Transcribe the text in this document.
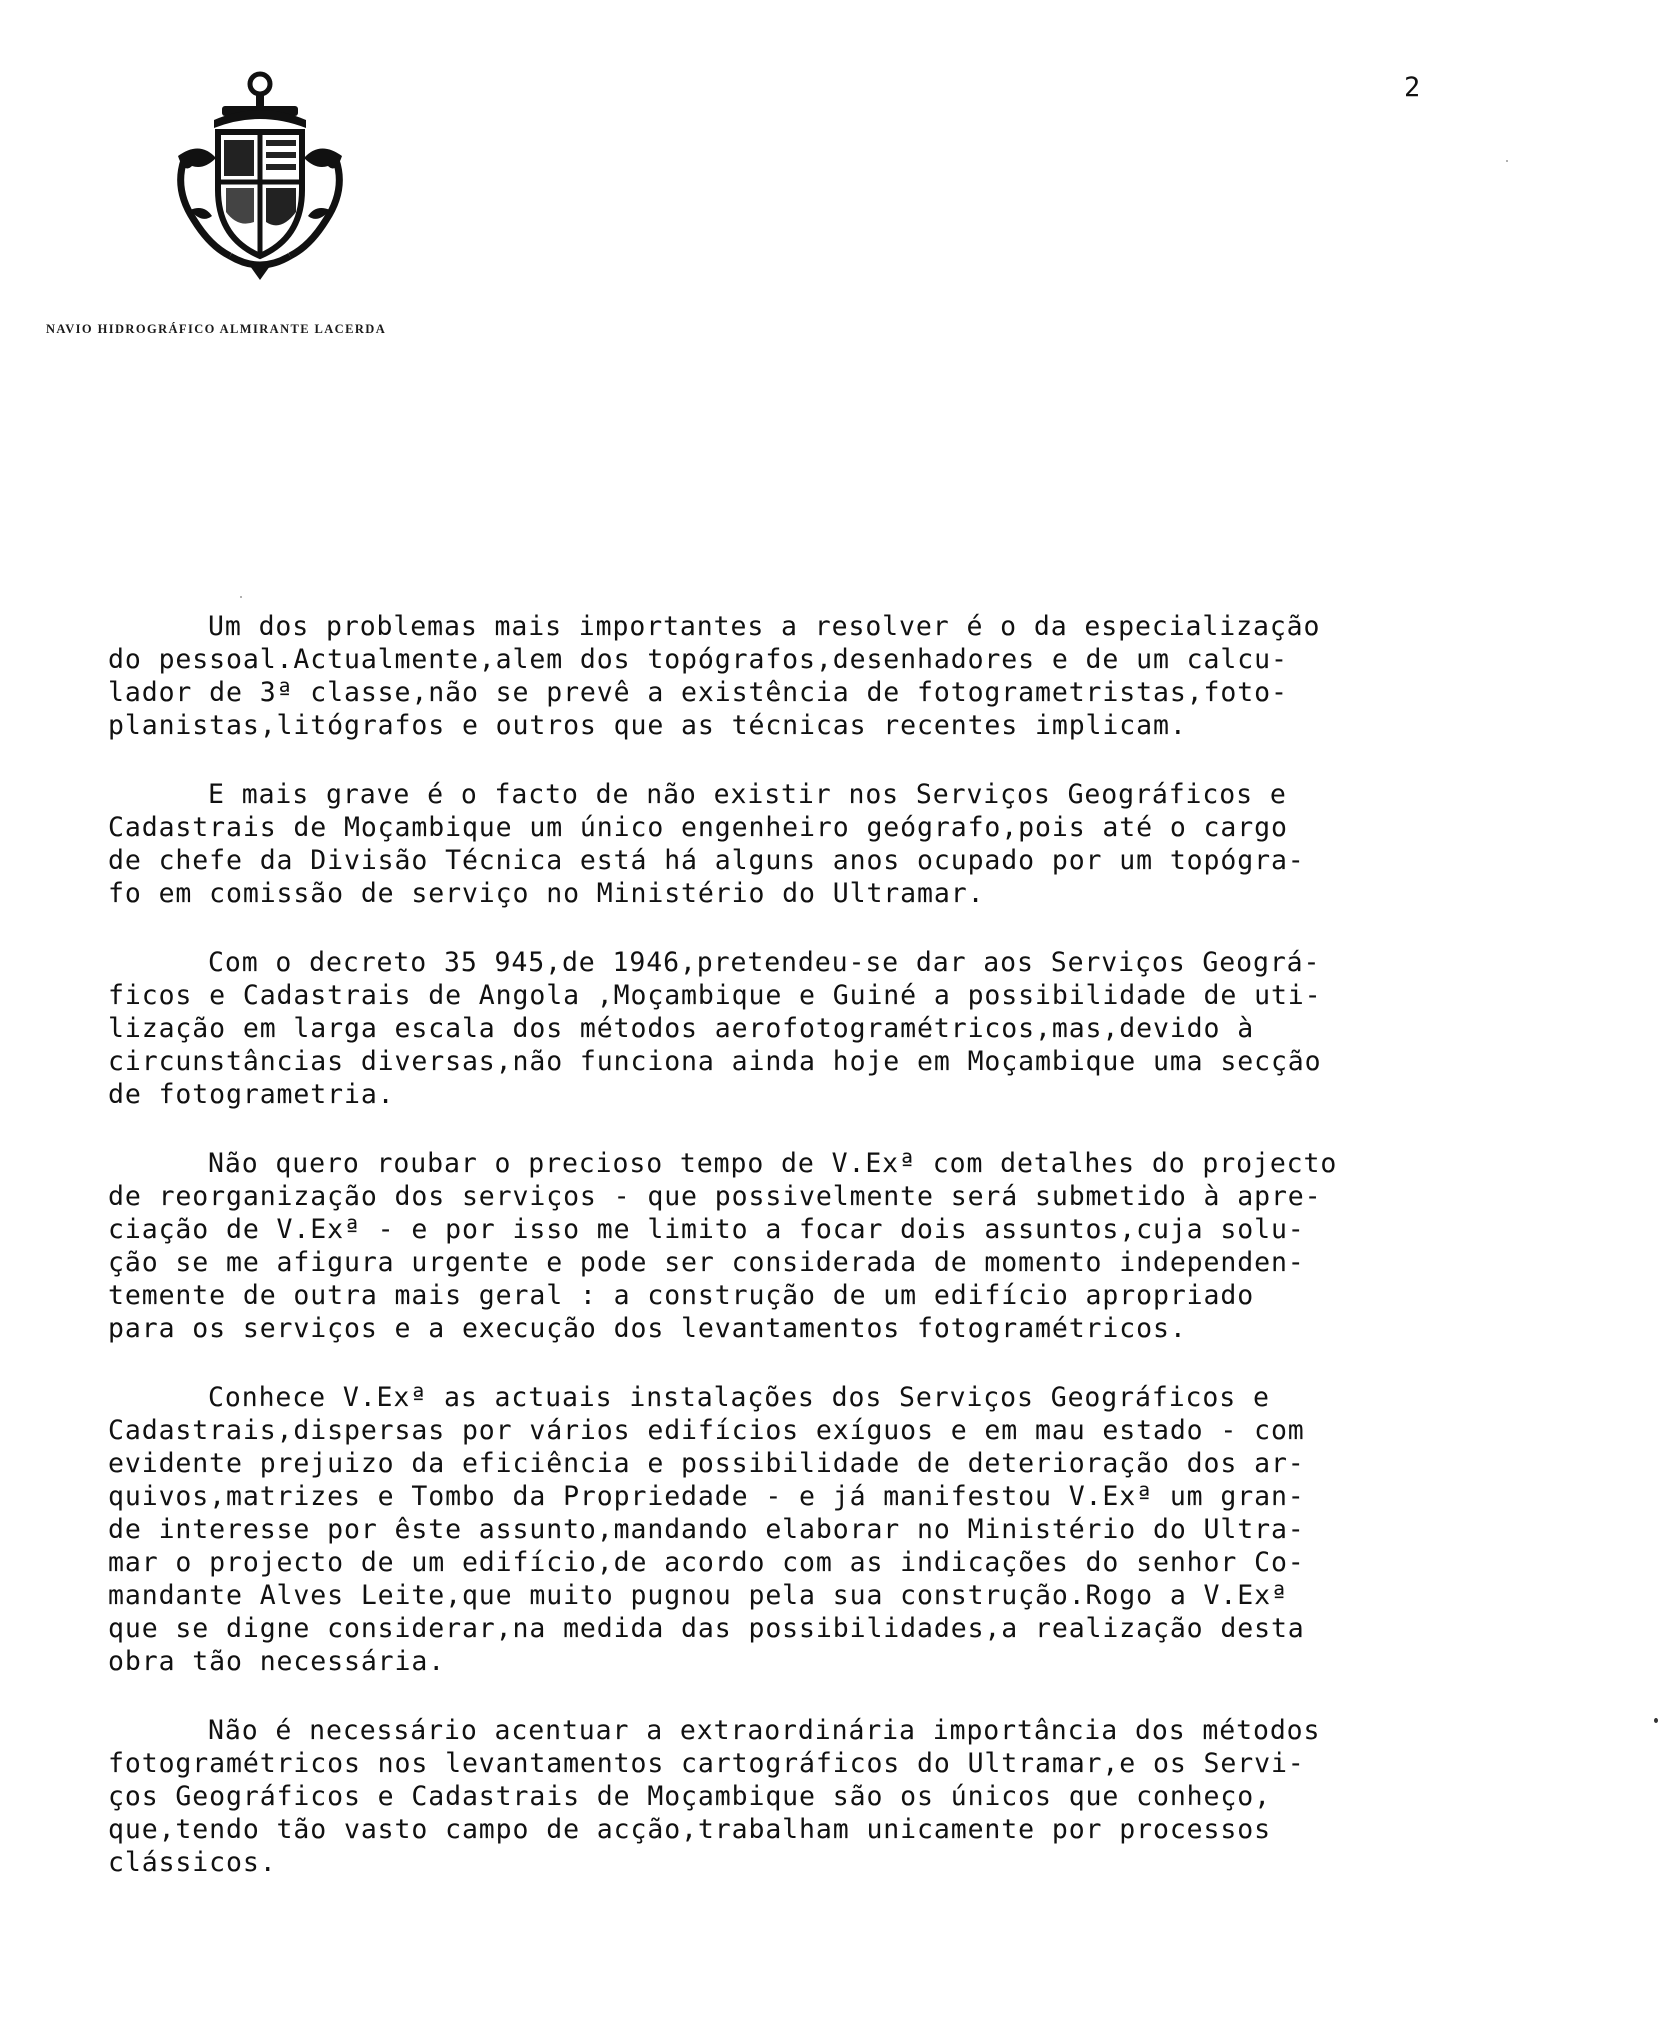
NAVIO HIDROGRÁFICO ALMIRANTE LACERDA
2
Um dos problemas mais importantes a resolver é o da especialização
do pessoal.Actualmente,alem dos topógrafos,desenhadores e de um calcu-
lador de 3ª classe,não se prevê a existência de fotogrametristas,foto-
planistas,litógrafos e outros que as técnicas recentes implicam.
E mais grave é o facto de não existir nos Serviços Geográficos e
Cadastrais de Moçambique um único engenheiro geógrafo,pois até o cargo
de chefe da Divisão Técnica está há alguns anos ocupado por um topógra-
fo em comissão de serviço no Ministério do Ultramar.
Com o decreto 35 945,de 1946,pretendeu-se dar aos Serviços Geográ-
ficos e Cadastrais de Angola ,Moçambique e Guiné a possibilidade de uti-
lização em larga escala dos métodos aerofotogramétricos,mas,devido à
circunstâncias diversas,não funciona ainda hoje em Moçambique uma secção
de fotogrametria.
Não quero roubar o precioso tempo de V.Exª com detalhes do projecto
de reorganização dos serviços - que possivelmente será submetido à apre-
ciação de V.Exª - e por isso me limito a focar dois assuntos,cuja solu-
ção se me afigura urgente e pode ser considerada de momento independen-
temente de outra mais geral : a construção de um edifício apropriado
para os serviços e a execução dos levantamentos fotogramétricos.
Conhece V.Exª as actuais instalações dos Serviços Geográficos e
Cadastrais,dispersas por vários edifícios exíguos e em mau estado - com
evidente prejuizo da eficiência e possibilidade de deterioração dos ar-
quivos,matrizes e Tombo da Propriedade - e já manifestou V.Exª um gran-
de interesse por êste assunto,mandando elaborar no Ministério do Ultra-
mar o projecto de um edifício,de acordo com as indicações do senhor Co-
mandante Alves Leite,que muito pugnou pela sua construção.Rogo a V.Exª
que se digne considerar,na medida das possibilidades,a realização desta
obra tão necessária.
Não é necessário acentuar a extraordinária importância dos métodos
fotogramétricos nos levantamentos cartográficos do Ultramar,e os Servi-
ços Geográficos e Cadastrais de Moçambique são os únicos que conheço,
que,tendo tão vasto campo de acção,trabalham unicamente por processos
clássicos.
